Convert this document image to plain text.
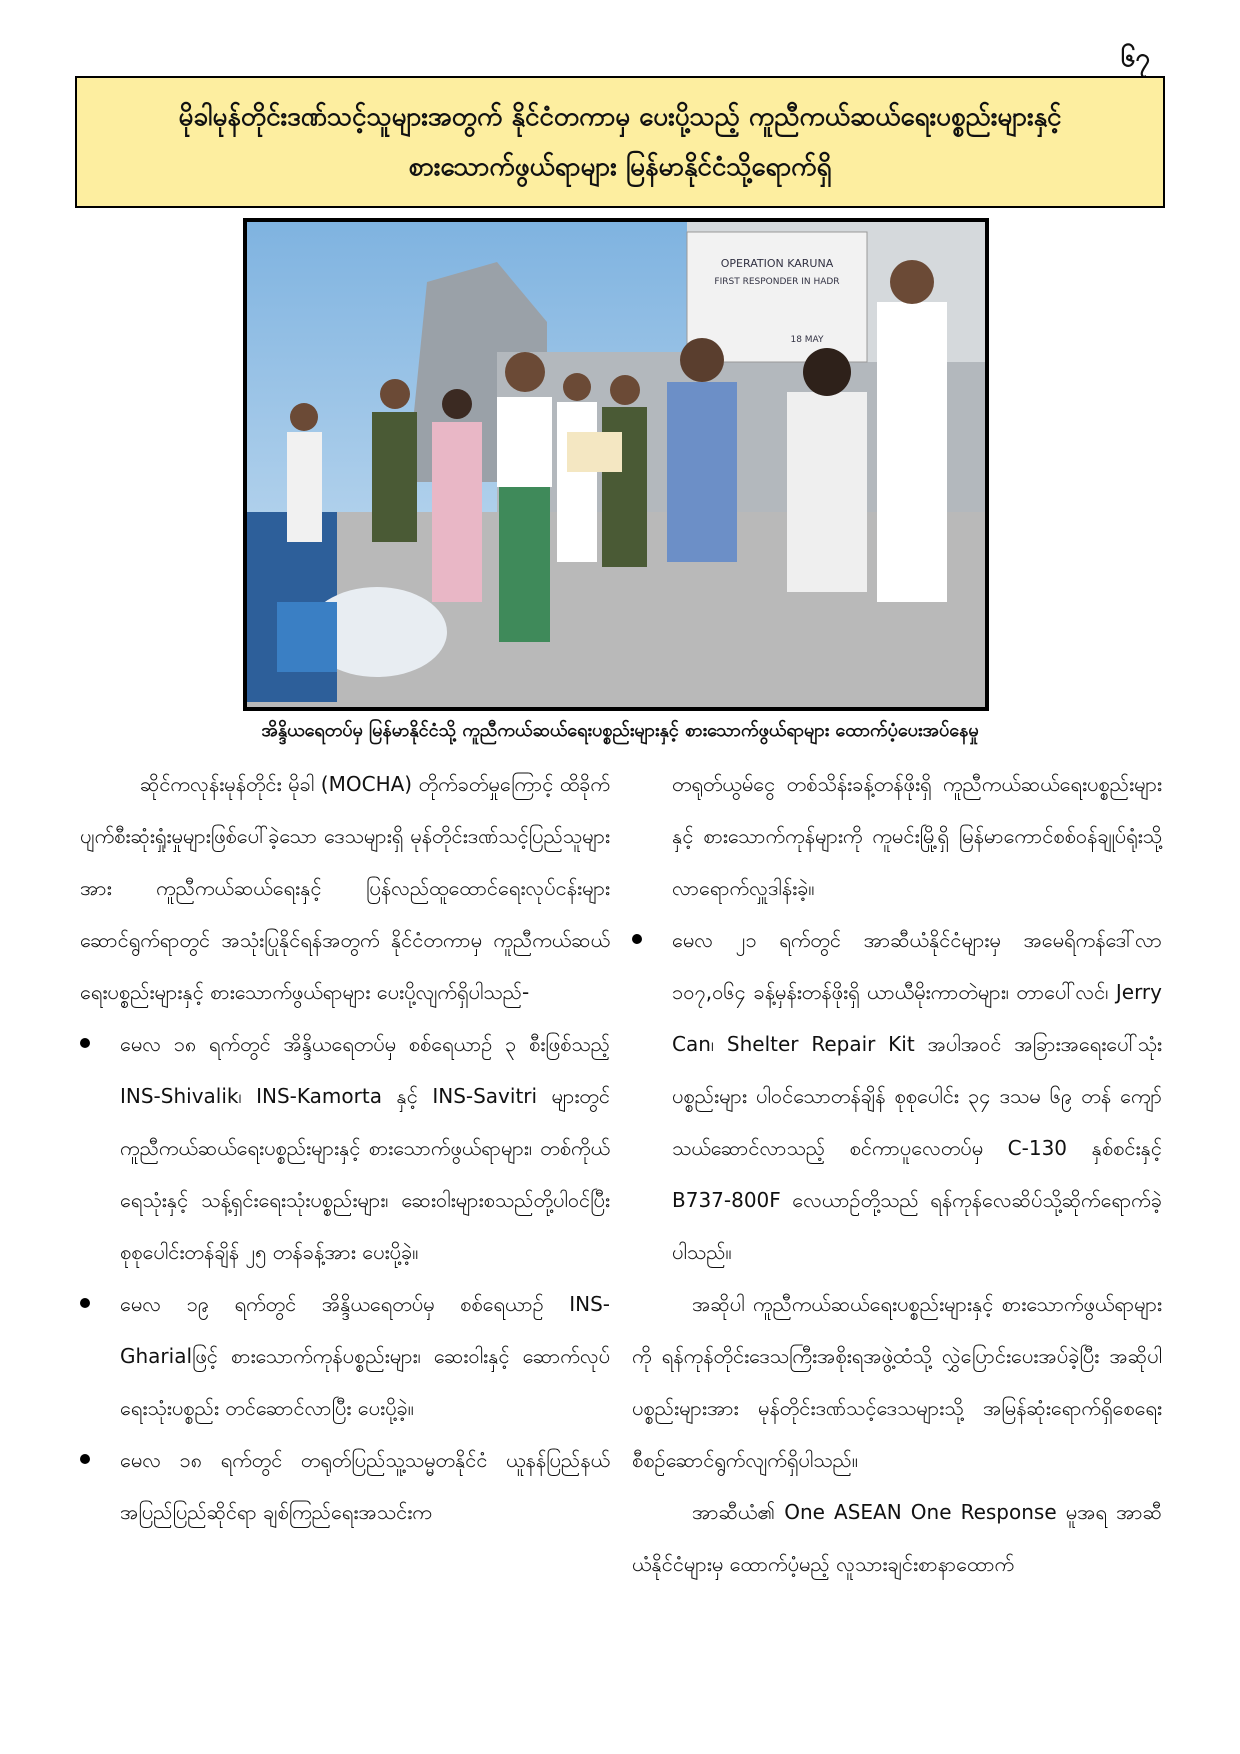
၆၇
မိုခါမုန်တိုင်းဒဏ်သင့်သူများအတွက် နိုင်ငံတကာမှ ပေးပို့သည့် ကူညီကယ်ဆယ်ရေးပစ္စည်းများနှင့်
စားသောက်ဖွယ်ရာများ မြန်မာနိုင်ငံသို့ရောက်ရှိ
OPERATION KARUNA
FIRST RESPONDER IN HADR
18 MAY
အိန္ဒိယရေတပ်မှ မြန်မာနိုင်ငံသို့ ကူညီကယ်ဆယ်ရေးပစ္စည်းများနှင့် စားသောက်ဖွယ်ရာများ ထောက်ပံ့ပေးအပ်နေမှု

ဆိုင်ကလုန်းမုန်တိုင်း မိုခါ (MOCHA) တိုက်ခတ်မှုကြောင့် ထိခိုက်ပျက်စီးဆုံးရှုံးမှုများဖြစ်ပေါ်ခဲ့သော ဒေသများရှိ မုန်တိုင်းဒဏ်သင့်ပြည်သူများအား ကူညီကယ်ဆယ်ရေးနှင့် ပြန်လည်ထူထောင်ရေးလုပ်ငန်းများဆောင်ရွက်ရာတွင် အသုံးပြုနိုင်ရန်အတွက် နိုင်ငံတကာမှ ကူညီကယ်ဆယ်ရေးပစ္စည်းများနှင့် စားသောက်ဖွယ်ရာများ ပေးပို့လျက်ရှိပါသည်-

မေလ ၁၈ ရက်တွင် အိန္ဒိယရေတပ်မှ စစ်ရေယာဉ် ၃ စီးဖြစ်သည့် INS-Shivalik၊ INS-Kamorta နှင့် INS-Savitri များတွင် ကူညီကယ်ဆယ်ရေးပစ္စည်းများနှင့် စားသောက်ဖွယ်ရာများ၊ တစ်ကိုယ်ရေသုံးနှင့် သန့်ရှင်းရေးသုံးပစ္စည်းများ၊ ဆေးဝါးများစသည်တို့ပါဝင်ပြီး စုစုပေါင်းတန်ချိန် ၂၅ တန်ခန့်အား ပေးပို့ခဲ့။
မေလ ၁၉ ရက်တွင် အိန္ဒိယရေတပ်မှ စစ်ရေယာဉ် INS-Gharialဖြင့် စားသောက်ကုန်ပစ္စည်းများ၊ ဆေးဝါးနှင့် ဆောက်လုပ်ရေးသုံးပစ္စည်း တင်ဆောင်လာပြီး ပေးပို့ခဲ့။
မေလ ၁၈ ရက်တွင် တရုတ်ပြည်သူ့သမ္မတနိုင်ငံ ယူနန်ပြည်နယ်အပြည်ပြည်ဆိုင်ရာ ချစ်ကြည်ရေးအသင်းက

တရုတ်ယွမ်ငွေ တစ်သိန်းခန့်တန်ဖိုးရှိ ကူညီကယ်ဆယ်ရေးပစ္စည်းများနှင့် စားသောက်ကုန်များကို ကူမင်းမြို့ရှိ မြန်မာကောင်စစ်ဝန်ချုပ်ရုံးသို့ လာရောက်လှူဒါန်းခဲ့။

မေလ ၂၁ ရက်တွင် အာဆီယံနိုင်ငံများမှ အမေရိကန်ဒေါ်လာ ၁၀၇,၀၆၄ ခန့်မှန်းတန်ဖိုးရှိ ယာယီမိုးကာတဲများ၊ တာပေါ်လင်၊ Jerry Can၊ Shelter Repair Kit အပါအဝင် အခြားအရေးပေါ်သုံးပစ္စည်းများ ပါဝင်သောတန်ချိန် စုစုပေါင်း ၃၄ ဒသမ ၆၉ တန် ကျော် သယ်ဆောင်လာသည့် စင်ကာပူလေတပ်မှ C-130 နှစ်စင်းနှင့် B737-800F လေယာဉ်တို့သည် ရန်ကုန်လေဆိပ်သို့ဆိုက်ရောက်ခဲ့ပါသည်။

အဆိုပါ ကူညီကယ်ဆယ်ရေးပစ္စည်းများနှင့် စားသောက်ဖွယ်ရာများကို ရန်ကုန်တိုင်းဒေသကြီးအစိုးရအဖွဲ့ထံသို့ လွှဲပြောင်းပေးအပ်ခဲ့ပြီး အဆိုပါပစ္စည်းများအား မုန်တိုင်းဒဏ်သင့်ဒေသများသို့ အမြန်ဆုံးရောက်ရှိစေရေး စီစဉ်ဆောင်ရွက်လျက်ရှိပါသည်။

အာဆီယံ၏ One ASEAN One Response မူအရ အာဆီယံနိုင်ငံများမှ ထောက်ပံ့မည့် လူသားချင်းစာနာထောက်
